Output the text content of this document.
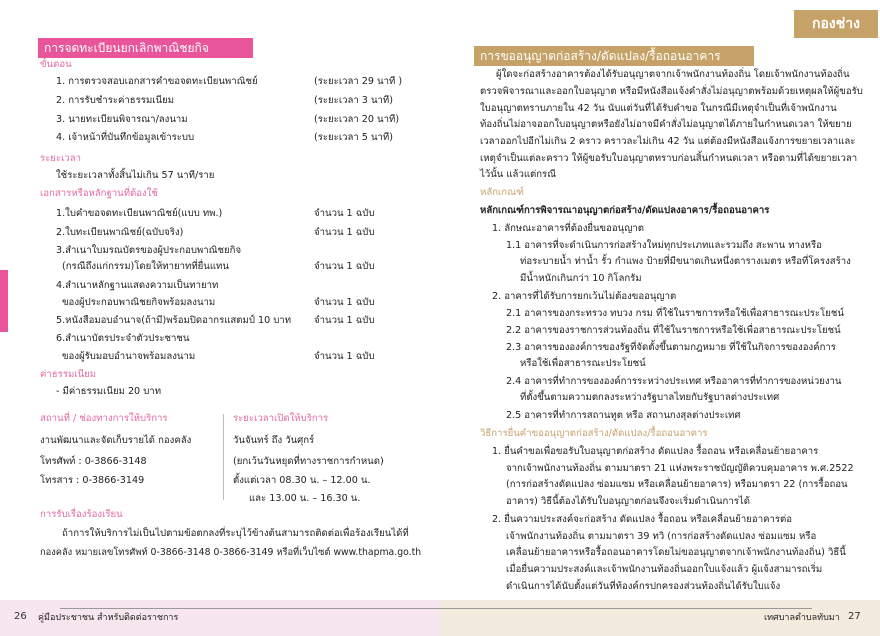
การจดทะเบียนยกเลิกพาณิชยกิจ
ขั้นตอน
1. การตรวจสอบเอกสารคำขอจดทะเบียนพาณิชย์	(ระยะเวลา 29 นาที )
2. การรับชำระค่าธรรมเนียม	(ระยะเวลา 3 นาที)
3. นายทะเบียนพิจารณา/ลงนาม	(ระยะเวลา 20 นาที)
4. เจ้าหน้าที่บันทึกข้อมูลเข้าระบบ	(ระยะเวลา 5 นาที)
ระยะเวลา
ใช้ระยะเวลาทั้งสิ้นไม่เกิน 57 นาที/ราย
เอกสารหรือหลักฐานที่ต้องใช้
1.ใบคำขอจดทะเบียนพาณิชย์(แบบ ทพ.)	จำนวน 1 ฉบับ
2.ใบทะเบียนพาณิชย์(ฉบับจริง)	จำนวน 1 ฉบับ
3.สำเนาใบมรณบัตรของผู้ประกอบพาณิชยกิจ
(กรณีถึงแก่กรรม)โดยให้ทายาทที่ยื่นแทน	จำนวน 1 ฉบับ
4.สำเนาหลักฐานแสดงความเป็นทายาท
ของผู้ประกอบพาณิชยกิจพร้อมลงนาม	จำนวน 1 ฉบับ
5.หนังสือมอบอำนาจ(ถ้ามี)พร้อมปิดอากรแสตมป์ 10 บาท จำนวน 1 ฉบับ
6.สำเนาบัตรประจำตัวประชาชน
ของผู้รับมอบอำนาจพร้อมลงนาม	จำนวน 1 ฉบับ
ค่าธรรมเนียม
- มีค่าธรรมเนียม 20 บาท
สถานที่ / ช่องทางการให้บริการ
งานพัฒนาและจัดเก็บรายได้ กองคลัง
โทรศัพท์ : 0-3866-3148
โทรสาร : 0-3866-3149
ระยะเวลาเปิดให้บริการ
วันจันทร์ ถึง วันศุกร์
(ยกเว้นวันหยุดที่ทางราชการกำหนด)
ตั้งแต่เวลา 08.30 น. – 12.00 น.
และ 13.00 น. – 16.30 น.
การรับเรื่องร้องเรียน
ถ้าการให้บริการไม่เป็นไปตามข้อตกลงที่ระบุไว้ข้างต้นสามารถติดต่อเพื่อร้องเรียนได้ที่
กองคลัง หมายเลขโทรศัพท์ 0-3866-3148 0-3866-3149 หรือที่เว็บไซต์ www.thapma.go.th
26 คู่มือประชาชน สำหรับติดต่อราชการ
กองช่าง
การขออนุญาตก่อสร้าง/ดัดแปลง/รื้อถอนอาคาร
ผู้ใดจะก่อสร้างอาคารต้องได้รับอนุญาตจากเจ้าพนักงานท้องถิ่น โดยเจ้าพนักงานท้องถิ่น
ตรวจพิจารณาและออกใบอนุญาต หรือมีหนังสือแจ้งคำสั่งไม่อนุญาตพร้อมด้วยเหตุผลให้ผู้ขอรับ
ใบอนุญาตทราบภายใน 42 วัน นับแต่วันที่ได้รับคำขอ ในกรณีมีเหตุจำเป็นที่เจ้าพนักงาน
ท้องถิ่นไม่อาจออกใบอนุญาตหรือยังไม่อาจมีคำสั่งไม่อนุญาตได้ภายในกำหนดเวลา ให้ขยาย
เวลาออกไปอีกไม่เกิน 2 คราว คราวละไม่เกิน 42 วัน แต่ต้องมีหนังสือแจ้งการขยายเวลาและ
เหตุจำเป็นแต่ละคราว ให้ผู้ขอรับใบอนุญาตทราบก่อนสิ้นกำหนดเวลา หรือตามที่ได้ขยายเวลา
ไว้นั้น แล้วแต่กรณี
หลักเกณฑ์
หลักเกณฑ์การพิจารณาอนุญาตก่อสร้าง/ดัดแปลงอาคาร/รื้อถอนอาคาร
1. ลักษณะอาคารที่ต้องยื่นขออนุญาต
1.1 อาคารที่จะดำเนินการก่อสร้างใหม่ทุกประเภทและรวมถึง สะพาน ทางหรือ
ท่อระบายน้ำ ท่าน้ำ รั้ว กำแพง ป้ายที่มีขนาดเกินหนึ่งตารางเมตร หรือที่โครงสร้าง
มีน้ำหนักเกินกว่า 10 กิโลกรัม
2. อาคารที่ได้รับการยกเว้นไม่ต้องขออนุญาต
2.1 อาคารของกระทรวง ทบวง กรม ที่ใช้ในราชการหรือใช้เพื่อสาธารณะประโยชน์
2.2 อาคารของราชการส่วนท้องถิ่น ที่ใช้ในราชการหรือใช้เพื่อสาธารณะประโยชน์
2.3 อาคารขององค์การของรัฐที่จัดตั้งขึ้นตามกฎหมาย ที่ใช้ในกิจการขององค์การ
หรือใช้เพื่อสาธารณะประโยชน์
2.4 อาคารที่ทำการขององค์การระหว่างประเทศ หรืออาคารที่ทำการของหน่วยงาน
ที่ตั้งขึ้นตามความตกลงระหว่างรัฐบาลไทยกับรัฐบาลต่างประเทศ
2.5 อาคารที่ทำการสถานทูต หรือ สถานกงสุลต่างประเทศ
วิธีการยื่นคำขออนุญาตก่อสร้าง/ดัดแปลง/รื้อถอนอาคาร
1. ยื่นคำขอเพื่อขอรับใบอนุญาตก่อสร้าง ดัดแปลง รื้อถอน หรือเคลื่อนย้ายอาคาร
จากเจ้าพนักงานท้องถิ่น ตามมาตรา 21 แห่งพระราชบัญญัติควบคุมอาคาร พ.ศ.2522
(การก่อสร้างดัดแปลง ซ่อมแซม หรือเคลื่อนย้ายอาคาร) หรือมาตรา 22 (การรื้อถอน
อาคาร) วิธีนี้ต้องได้รับใบอนุญาตก่อนจึงจะเริ่มดำเนินการได้
2. ยื่นความประสงค์จะก่อสร้าง ดัดแปลง รื้อถอน หรือเคลื่อนย้ายอาคารต่อ
เจ้าพนักงานท้องถิ่น ตามมาตรา 39 ทวิ (การก่อสร้างดัดแปลง ซ่อมแซม หรือ
เคลื่อนย้ายอาคารหรือรื้อถอนอาคารโดยไม่ขออนุญาตจากเจ้าพนักงานท้องถิ่น) วิธีนี้
เมื่อยื่นความประสงค์และเจ้าพนักงานท้องถิ่นออกใบแจ้งแล้ว ผู้แจ้งสามารถเริ่ม
ดำเนินการได้นับตั้งแต่วันที่ท้องค์กรปกครองส่วนท้องถิ่นได้รับใบแจ้ง
เทศบาลตำบลทับมา 27
